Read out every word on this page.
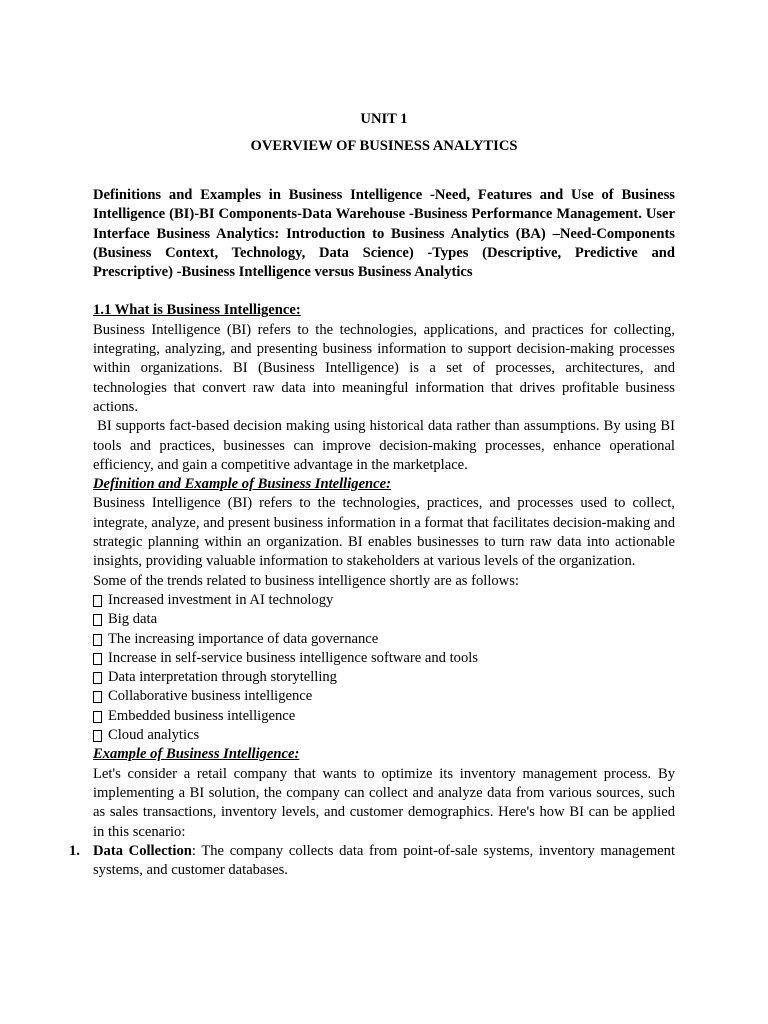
UNIT 1

OVERVIEW OF BUSINESS ANALYTICS

Definitions and Examples in Business Intelligence -Need, Features and Use of Business Intelligence (BI)-BI Components-Data Warehouse -Business Performance Management. User Interface Business Analytics: Introduction to Business Analytics (BA) –Need-Components (Business Context, Technology, Data Science) -Types (Descriptive, Predictive and Prescriptive) -Business Intelligence versus Business Analytics

1.1 What is Business Intelligence:

Business Intelligence (BI) refers to the technologies, applications, and practices for collecting, integrating, analyzing, and presenting business information to support decision-making processes within organizations. BI (Business Intelligence) is a set of processes, architectures, and technologies that convert raw data into meaningful information that drives profitable business actions.

BI supports fact-based decision making using historical data rather than assumptions. By using BI tools and practices, businesses can improve decision-making processes, enhance operational efficiency, and gain a competitive advantage in the marketplace.

Definition and Example of Business Intelligence:

Business Intelligence (BI) refers to the technologies, practices, and processes used to collect, integrate, analyze, and present business information in a format that facilitates decision-making and strategic planning within an organization. BI enables businesses to turn raw data into actionable insights, providing valuable information to stakeholders at various levels of the organization.

Some of the trends related to business intelligence shortly are as follows:

Increased investment in AI technology
Big data
The increasing importance of data governance
Increase in self-service business intelligence software and tools
Data interpretation through storytelling
Collaborative business intelligence
Embedded business intelligence
Cloud analytics

Example of Business Intelligence:

Let's consider a retail company that wants to optimize its inventory management process. By implementing a BI solution, the company can collect and analyze data from various sources, such as sales transactions, inventory levels, and customer demographics. Here's how BI can be applied in this scenario:

1. Data Collection: The company collects data from point-of-sale systems, inventory management systems, and customer databases.
